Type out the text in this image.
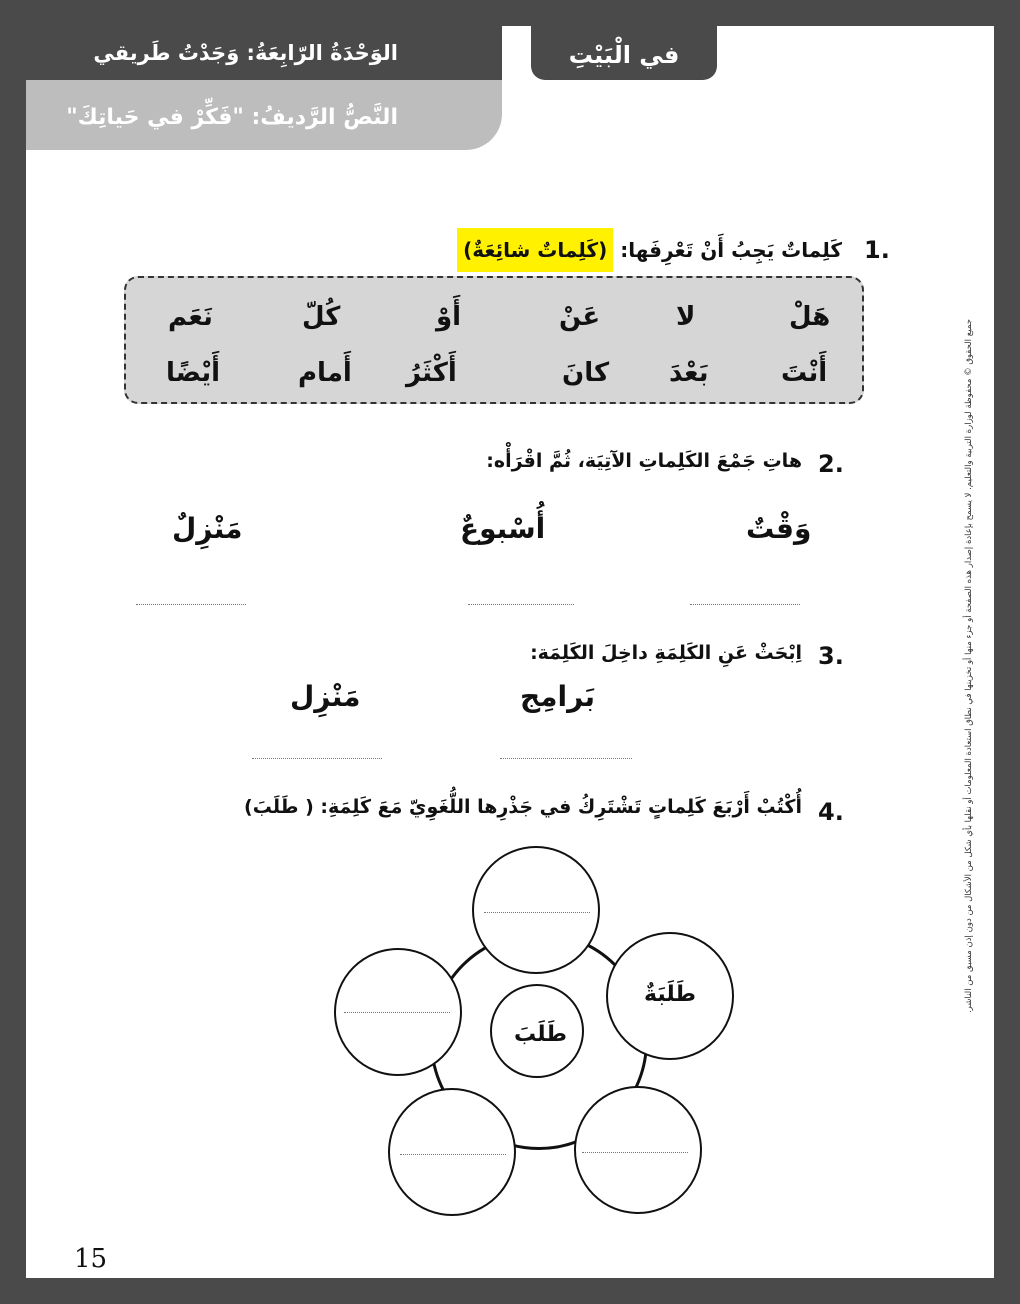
الوَحْدَةُ الرّابِعَةُ: وَجَدْتُ طَريقي	في الْبَيْتِ
النَّصُّ الرَّديفُ: "فَكِّرْ في حَياتِكَ"
1.
كَلِماتٌ يَجِبُ أَنْ تَعْرِفَها: (كَلِماتٌ شائِعَةٌ)
هَلْ
لا
عَنْ
أَوْ
كُلّ
نَعَم
أَنْتَ
بَعْدَ
كانَ
أَكْثَرُ
أَمام
أَيْضًا
2.
هاتِ جَمْعَ الكَلِماتِ الآتِيَة، ثُمَّ اقْرَأْه:
وَقْتٌ
أُسْبوعٌ
مَنْزِلٌ
3.
اِبْحَثْ عَنِ الكَلِمَةِ داخِلَ الكَلِمَة:
بَرامِج
مَنْزِل
4.
أُكْتُبْ أَرْبَعَ كَلِماتٍ تَشْتَرِكُ في جَذْرِها اللُّغَوِيّ مَعَ كَلِمَةِ: ( طَلَبَ)
طَلَبَ
طَلَبَةٌ	جميع الحقوق © محفوظة لوزارة التربية والتعليم. لا يسمح بإعادة إصدار هذه الصفحة أو جزء منها أو تخزينها في نطاق استعادة المعلومات أو نقلها بأي شكل من الأشكال من دون إذن مسبق من الناشر.
15
